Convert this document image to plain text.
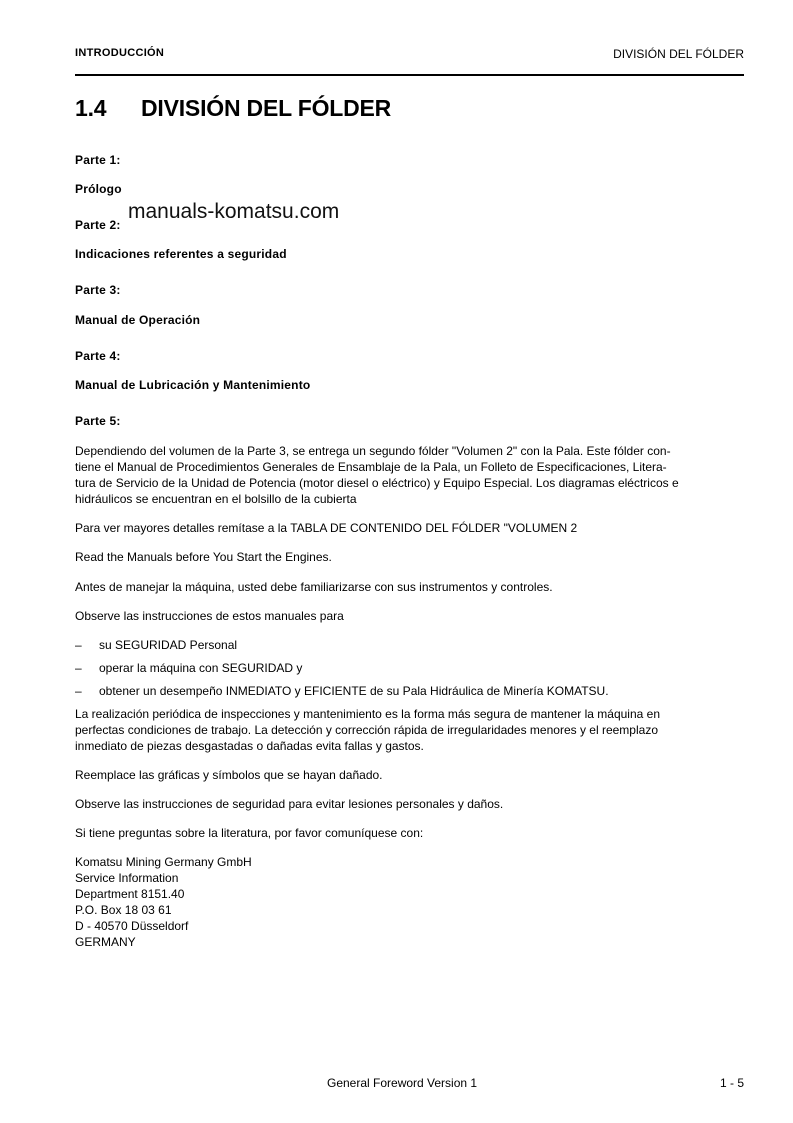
INTRODUCCIÓN	DIVISIÓN DEL FÓLDER
1.4 DIVISIÓN DEL FÓLDER
Parte 1:
Prólogo
Parte 2:
manuals-komatsu.com
Indicaciones referentes a seguridad
Parte 3:
Manual de Operación
Parte 4:
Manual de Lubricación y Mantenimiento
Parte 5:
Dependiendo del volumen de la Parte 3, se entrega un segundo fólder "Volumen 2" con la Pala. Este fólder con-
tiene el Manual de Procedimientos Generales de Ensamblaje de la Pala, un Folleto de Especificaciones, Litera-
tura de Servicio de la Unidad de Potencia (motor diesel o eléctrico) y Equipo Especial. Los diagramas eléctricos e
hidráulicos se encuentran en el bolsillo de la cubierta
Para ver mayores detalles remítase a la TABLA DE CONTENIDO DEL FÓLDER "VOLUMEN 2
Read the Manuals before You Start the Engines.
Antes de manejar la máquina, usted debe familiarizarse con sus instrumentos y controles.
Observe las instrucciones de estos manuales para
– su SEGURIDAD Personal
– operar la máquina con SEGURIDAD y
– obtener un desempeño INMEDIATO y EFICIENTE de su Pala Hidráulica de Minería KOMATSU.
La realización periódica de inspecciones y mantenimiento es la forma más segura de mantener la máquina en
perfectas condiciones de trabajo. La detección y corrección rápida de irregularidades menores y el reemplazo
inmediato de piezas desgastadas o dañadas evita fallas y gastos.
Reemplace las gráficas y símbolos que se hayan dañado.
Observe las instrucciones de seguridad para evitar lesiones personales y daños.
Si tiene preguntas sobre la literatura, por favor comuníquese con:
Komatsu Mining Germany GmbH
Service Information
Department 8151.40
P.O. Box 18 03 61
D - 40570 Düsseldorf
GERMANY
General Foreword Version 1	1 - 5
